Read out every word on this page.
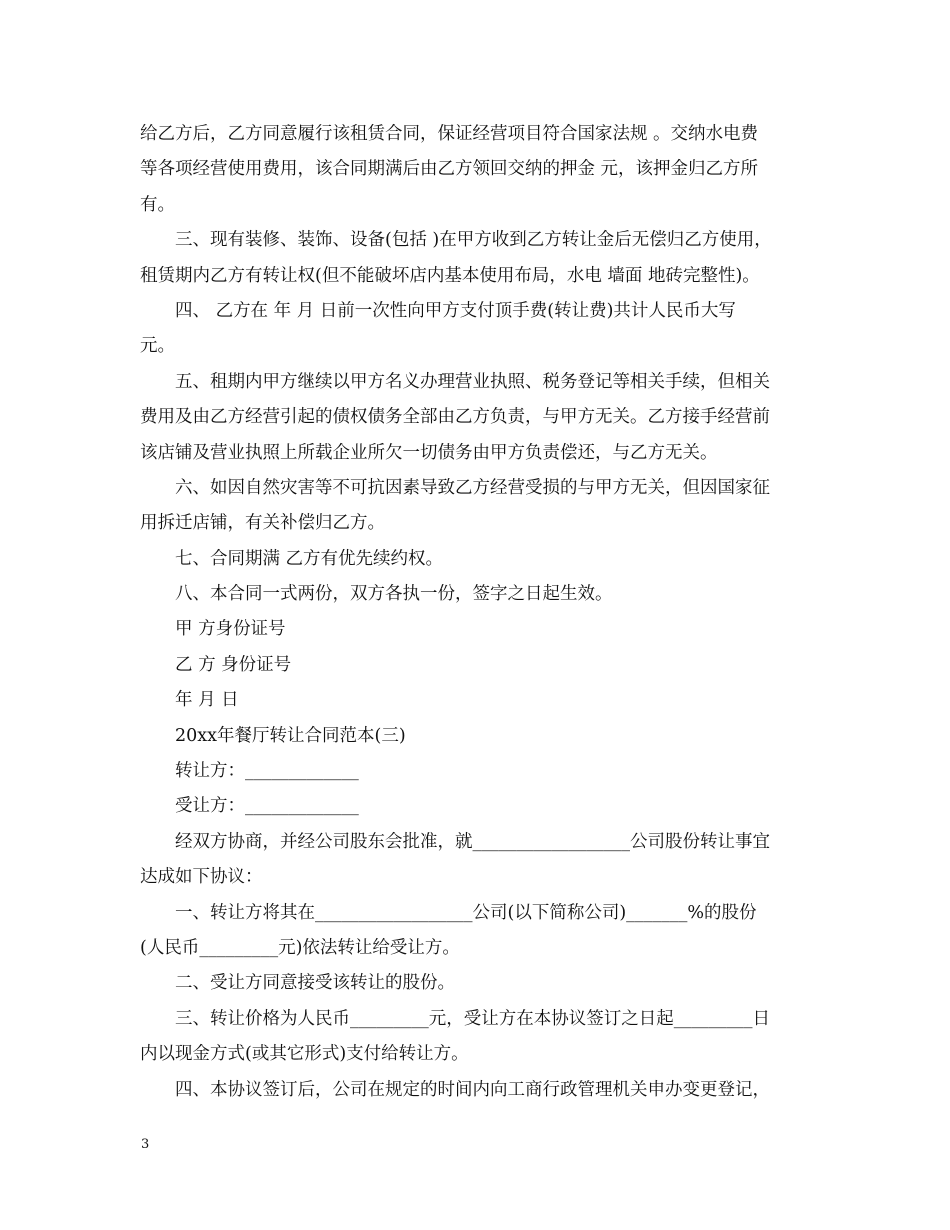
给乙方后，乙方同意履行该租赁合同，保证经营项目符合国家法规 。交纳水电费
等各项经营使用费用，该合同期满后由乙方领回交纳的押金 元，该押金归乙方所
有。
三、现有装修、装饰、设备(包括 )在甲方收到乙方转让金后无偿归乙方使用，
租赁期内乙方有转让权(但不能破坏店内基本使用布局，水电 墙面 地砖完整性)。
四、 乙方在 年 月 日前一次性向甲方支付顶手费(转让费)共计人民币大写
元。
五、租期内甲方继续以甲方名义办理营业执照、税务登记等相关手续，但相关
费用及由乙方经营引起的债权债务全部由乙方负责，与甲方无关。乙方接手经营前
该店铺及营业执照上所载企业所欠一切债务由甲方负责偿还，与乙方无关。
六、如因自然灾害等不可抗因素导致乙方经营受损的与甲方无关，但因国家征
用拆迁店铺，有关补偿归乙方。
七、合同期满 乙方有优先续约权。
八、本合同一式两份，双方各执一份，签字之日起生效。
甲 方身份证号
乙 方 身份证号
年 月 日
20xx年餐厅转让合同范本(三)
转让方：_____________
受让方：_____________
经双方协商，并经公司股东会批准，就__________________公司股份转让事宜
达成如下协议：
一、转让方将其在__________________公司(以下简称公司)_______%的股份
(人民币_________元)依法转让给受让方。
二、受让方同意接受该转让的股份。
三、转让价格为人民币_________元，受让方在本协议签订之日起_________日
内以现金方式(或其它形式)支付给转让方。
四、本协议签订后，公司在规定的时间内向工商行政管理机关申办变更登记，
3
